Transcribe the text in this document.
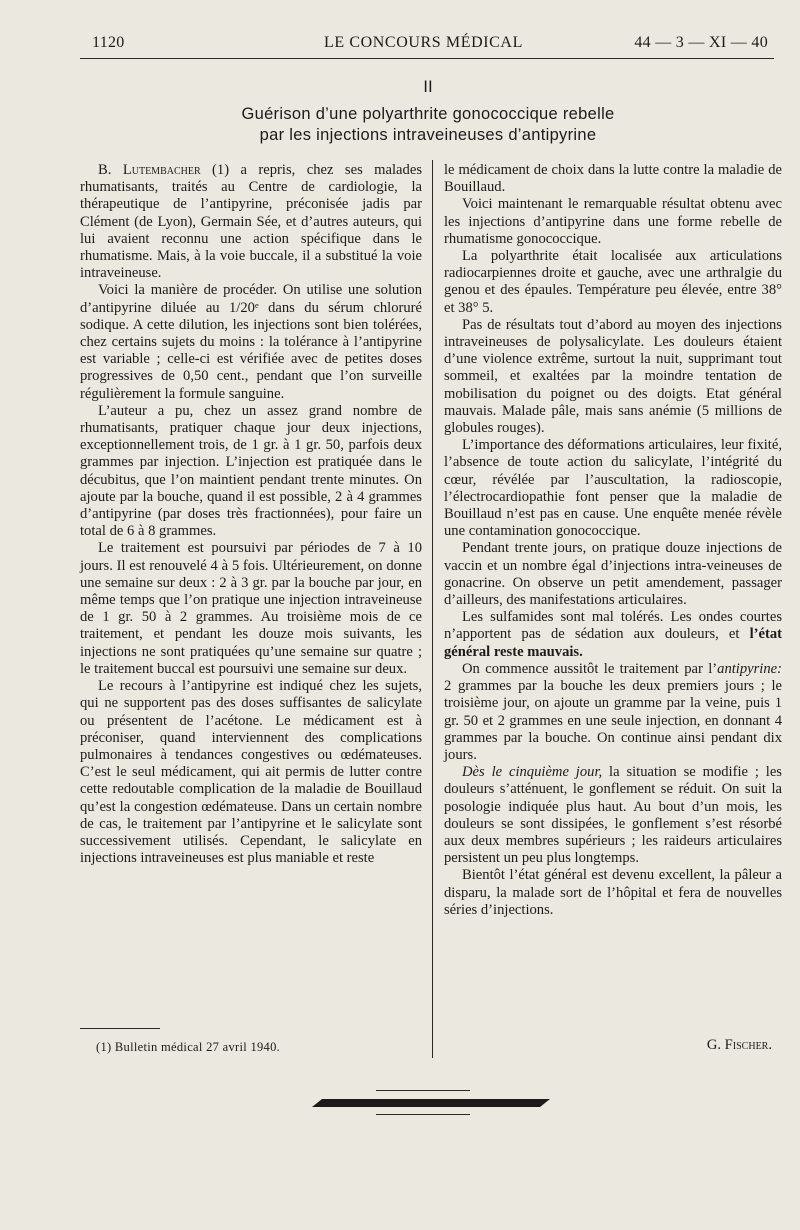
1120	LE CONCOURS MÉDICAL	44 — 3 — XI — 40
II
Guérison d’une polyarthrite gonococcique rebelle
par les injections intraveineuses d’antipyrine

B. Lutembacher (1) a repris, chez ses malades rhumatisants, traités au Centre de cardiologie, la thérapeutique de l’antipyrine, préconisée jadis par Clément (de Lyon), Germain Sée, et d’autres auteurs, qui lui avaient reconnu une action spécifique dans le rhumatisme. Mais, à la voie buccale, il a substitué la voie intraveineuse.

Voici la manière de procéder. On utilise une solution d’antipyrine diluée au 1/20ᵉ dans du sérum chloruré sodique. A cette dilution, les injections sont bien tolérées, chez certains sujets du moins : la tolérance à l’antipyrine est variable ; celle-ci est vérifiée avec de petites doses progressives de 0,50 cent., pendant que l’on surveille régulièrement la formule sanguine.

L’auteur a pu, chez un assez grand nombre de rhumatisants, pratiquer chaque jour deux injections, exceptionnellement trois, de 1 gr. à 1 gr. 50, parfois deux grammes par injection. L’injection est pratiquée dans le décubitus, que l’on maintient pendant trente minutes. On ajoute par la bouche, quand il est possible, 2 à 4 grammes d’antipyrine (par doses très fractionnées), pour faire un total de 6 à 8 grammes.

Le traitement est poursuivi par périodes de 7 à 10 jours. Il est renouvelé 4 à 5 fois. Ultérieurement, on donne une semaine sur deux : 2 à 3 gr. par la bouche par jour, en même temps que l’on pratique une injection intraveineuse de 1 gr. 50 à 2 grammes. Au troisième mois de ce traitement, et pendant les douze mois suivants, les injections ne sont pratiquées qu’une semaine sur quatre ; le traitement buccal est poursuivi une semaine sur deux.

Le recours à l’antipyrine est indiqué chez les sujets, qui ne supportent pas des doses suffisantes de salicylate ou présentent de l’acétone. Le médicament est à préconiser, quand interviennent des complications pulmonaires à tendances congestives ou œdémateuses. C’est le seul médicament, qui ait permis de lutter contre cette redoutable complication de la maladie de Bouillaud qu’est la congestion œdémateuse. Dans un certain nombre de cas, le traitement par l’antipyrine et le salicylate sont successivement utilisés. Cependant, le salicylate en injections intraveineuses est plus maniable et reste

le médicament de choix dans la lutte contre la maladie de Bouillaud.

Voici maintenant le remarquable résultat obtenu avec les injections d’antipyrine dans une forme rebelle de rhumatisme gonococcique.

La polyarthrite était localisée aux articulations radiocarpiennes droite et gauche, avec une arthralgie du genou et des épaules. Température peu élevée, entre 38° et 38° 5.

Pas de résultats tout d’abord au moyen des injections intraveineuses de polysalicylate. Les douleurs étaient d’une violence extrême, surtout la nuit, supprimant tout sommeil, et exaltées par la moindre tentation de mobilisation du poignet ou des doigts. Etat général mauvais. Malade pâle, mais sans anémie (5 millions de globules rouges).

L’importance des déformations articulaires, leur fixité, l’absence de toute action du salicylate, l’intégrité du cœur, révélée par l’auscultation, la radioscopie, l’électrocardiopathie font penser que la maladie de Bouillaud n’est pas en cause. Une enquête menée révèle une contamination gonococcique.

Pendant trente jours, on pratique douze injections de vaccin et un nombre égal d’injections intra-veineuses de gonacrine. On observe un petit amendement, passager d’ailleurs, des manifestations articulaires.

Les sulfamides sont mal tolérés. Les ondes courtes n’apportent pas de sédation aux douleurs, et l’état général reste mauvais.

On commence aussitôt le traitement par l’antipyrine: 2 grammes par la bouche les deux premiers jours ; le troisième jour, on ajoute un gramme par la veine, puis 1 gr. 50 et 2 grammes en une seule injection, en donnant 4 grammes par la bouche. On continue ainsi pendant dix jours.

Dès le cinquième jour, la situation se modifie ; les douleurs s’atténuent, le gonflement se réduit. On suit la posologie indiquée plus haut. Au bout d’un mois, les douleurs se sont dissipées, le gonflement s’est résorbé aux deux membres supérieurs ; les raideurs articulaires persistent un peu plus longtemps.

Bientôt l’état général est devenu excellent, la pâleur a disparu, la malade sort de l’hôpital et fera de nouvelles séries d’injections.

(1) Bulletin médical 27 avril 1940.	G. Fischer.
